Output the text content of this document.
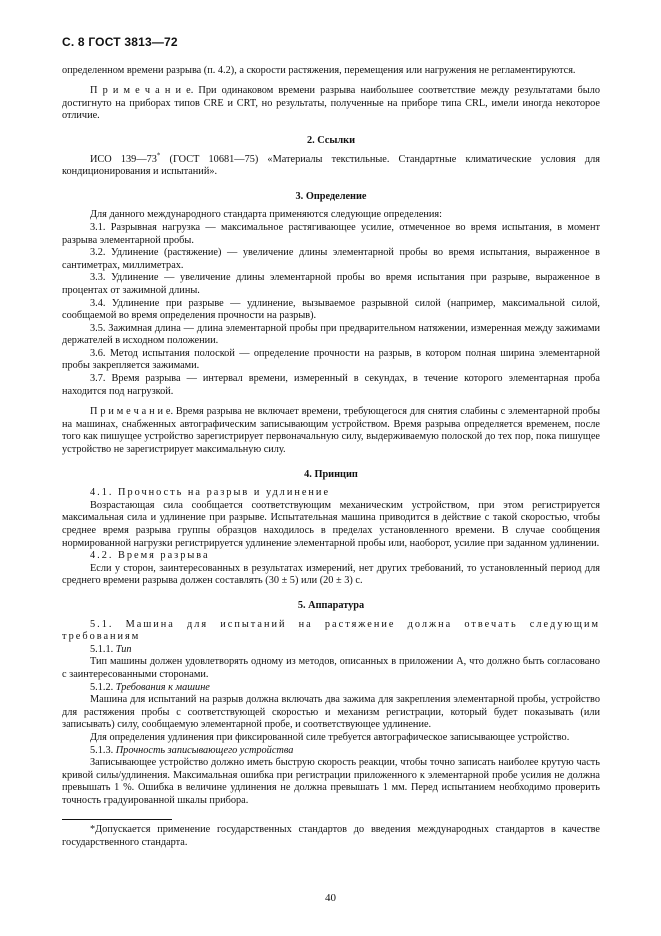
С. 8 ГОСТ 3813—72

определенном времени разрыва (п. 4.2), а скорости растяжения, перемещения или нагружения не регламентируются.

П р и м е ч а н и е. При одинаковом времени разрыва наибольшее соответствие между результатами было достигнуто на приборах типов CRE и CRT, но результаты, полученные на приборе типа CRL, имели иногда некоторое отличие.

2. Ссылки

ИСО 139—73* (ГОСТ 10681—75) «Материалы текстильные. Стандартные климатические условия для кондиционирования и испытаний».

3. Определение

Для данного международного стандарта применяются следующие определения:

3.1. Разрывная нагрузка — максимальное растягивающее усилие, отмеченное во время испытания, в момент разрыва элементарной пробы.

3.2. Удлинение (растяжение) — увеличение длины элементарной пробы во время испытания, выраженное в сантиметрах, миллиметрах.

3.3. Удлинение — увеличение длины элементарной пробы во время испытания при разрыве, выраженное в процентах от зажимной длины.

3.4. Удлинение при разрыве — удлинение, вызываемое разрывной силой (например, максимальной силой, сообщаемой во время определения прочности на разрыв).

3.5. Зажимная длина — длина элементарной пробы при предварительном натяжении, измеренная между зажимами держателей в исходном положении.

3.6. Метод испытания полоской — определение прочности на разрыв, в котором полная ширина элементарной пробы закрепляется зажимами.

3.7. Время разрыва — интервал времени, измеренный в секундах, в течение которого элементарная проба находится под нагрузкой.

П р и м е ч а н и е. Время разрыва не включает времени, требующегося для снятия слабины с элементарной пробы на машинах, снабженных автографическим записывающим устройством. Время разрыва определяется временем, после того как пишущее устройство зарегистрирует первоначальную силу, выдерживаемую полоской до тех пор, пока пишущее устройство не зарегистрирует максимальную силу.

4. Принцип

4.1. Прочность на разрыв и удлинение

Возрастающая сила сообщается соответствующим механическим устройством, при этом регистрируется максимальная сила и удлинение при разрыве. Испытательная машина приводится в действие с такой скоростью, чтобы среднее время разрыва группы образцов находилось в пределах установленного времени. В случае сообщения нормированной нагрузки регистрируется удлинение элементарной пробы или, наоборот, усилие при заданном удлинении.

4.2. Время разрыва

Если у сторон, заинтересованных в результатах измерений, нет других требований, то установленный период для среднего времени разрыва должен составлять (30 ± 5) или (20 ± 3) с.

5. Аппаратура

5.1. Машина для испытаний на растяжение должна отвечать следующим требованиям

5.1.1. Тип

Тип машины должен удовлетворять одному из методов, описанных в приложении А, что должно быть согласовано с заинтересованными сторонами.

5.1.2. Требования к машине

Машина для испытаний на разрыв должна включать два зажима для закрепления элементарной пробы, устройство для растяжения пробы с соответствующей скоростью и механизм регистрации, который будет показывать (или записывать) силу, сообщаемую элементарной пробе, и соответствующее удлинение.

Для определения удлинения при фиксированной силе требуется автографическое записывающее устройство.

5.1.3. Прочность записывающего устройства

Записывающее устройство должно иметь быструю скорость реакции, чтобы точно записать наиболее крутую часть кривой силы/удлинения. Максимальная ошибка при регистрации приложенного к элементарной пробе усилия не должна превышать 1 %. Ошибка в величине удлинения не должна превышать 1 мм. Перед испытанием необходимо проверить точность градуированной шкалы прибора.

*Допускается применение государственных стандартов до введения международных стандартов в качестве государственного стандарта.

40
